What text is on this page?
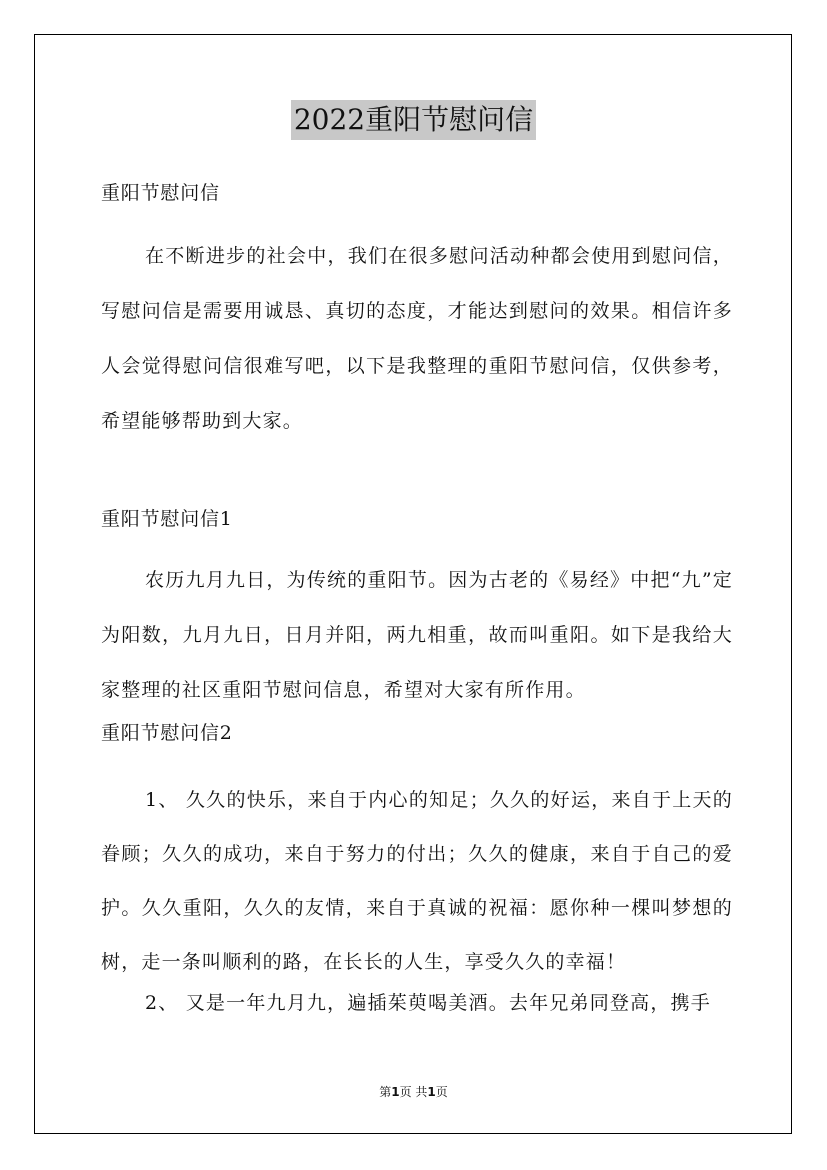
2022重阳节慰问信
重阳节慰问信
在不断进步的社会中，我们在很多慰问活动种都会使用到慰问信，写慰问信是需要用诚恳、真切的态度，才能达到慰问的效果。相信许多人会觉得慰问信很难写吧，以下是我整理的重阳节慰问信，仅供参考，希望能够帮助到大家。
重阳节慰问信1
农历九月九日，为传统的重阳节。因为古老的《易经》中把“九”定为阳数，九月九日，日月并阳，两九相重，故而叫重阳。如下是我给大家整理的社区重阳节慰问信息，希望对大家有所作用。
重阳节慰问信2
1、 久久的快乐，来自于内心的知足；久久的好运，来自于上天的眷顾；久久的成功，来自于努力的付出；久久的健康，来自于自己的爱护。久久重阳，久久的友情，来自于真诚的祝福：愿你种一棵叫梦想的树，走一条叫顺利的路，在长长的人生，享受久久的幸福！
2、 又是一年九月九，遍插茱萸喝美酒。去年兄弟同登高，携手
第1页 共1页
